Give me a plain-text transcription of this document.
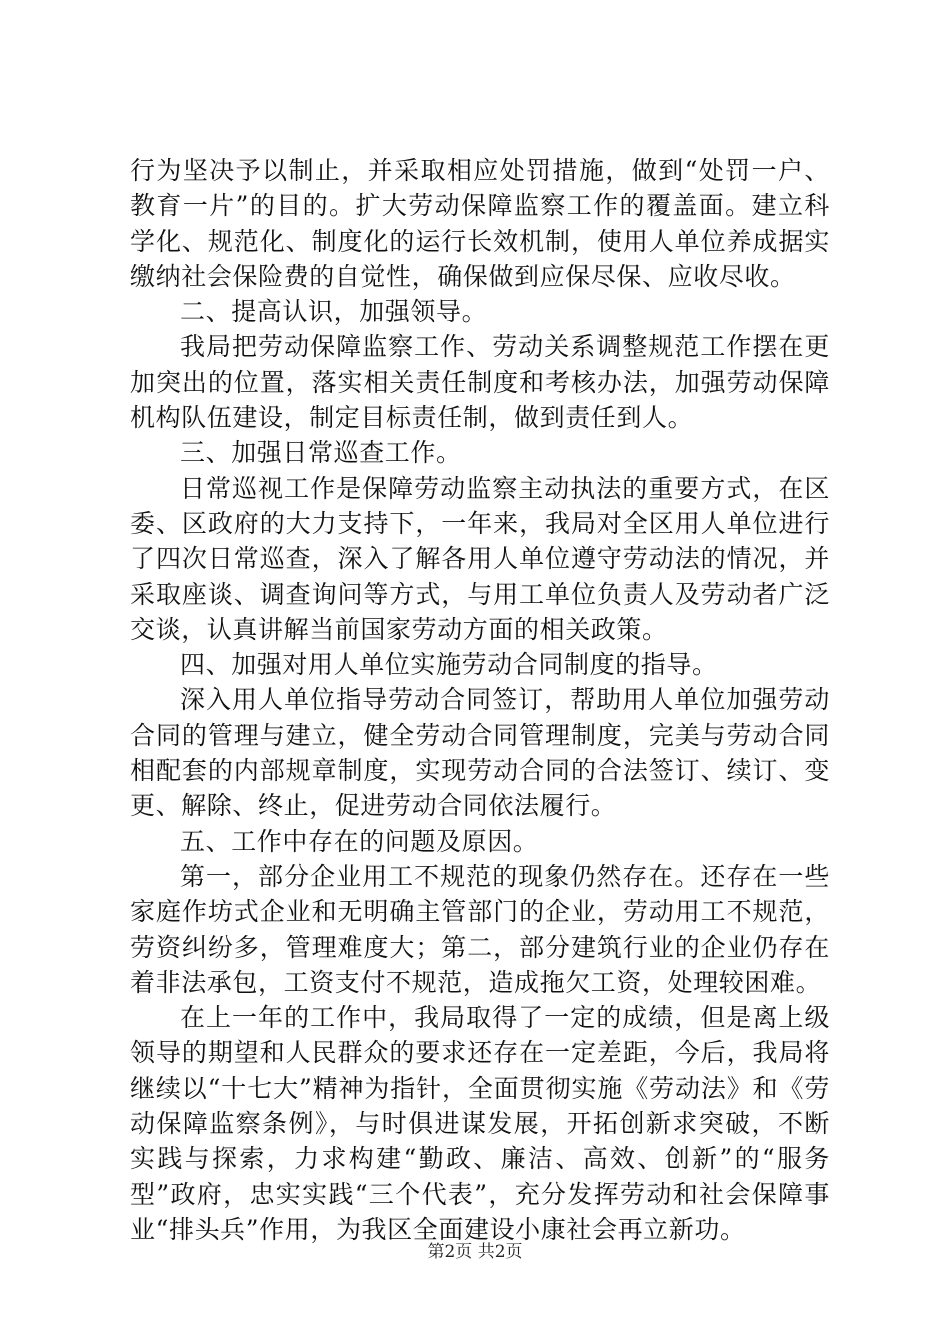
行为坚决予以制止，并采取相应处罚措施，做到“处罚一户、教育一片”的目的。扩大劳动保障监察工作的覆盖面。建立科学化、规范化、制度化的运行长效机制，使用人单位养成据实缴纳社会保险费的自觉性，确保做到应保尽保、应收尽收。

二、提高认识，加强领导。

我局把劳动保障监察工作、劳动关系调整规范工作摆在更加突出的位置，落实相关责任制度和考核办法，加强劳动保障机构队伍建设，制定目标责任制，做到责任到人。

三、加强日常巡查工作。

日常巡视工作是保障劳动监察主动执法的重要方式，在区委、区政府的大力支持下，一年来，我局对全区用人单位进行了四次日常巡查，深入了解各用人单位遵守劳动法的情况，并采取座谈、调查询问等方式，与用工单位负责人及劳动者广泛交谈，认真讲解当前国家劳动方面的相关政策。

四、加强对用人单位实施劳动合同制度的指导。

深入用人单位指导劳动合同签订，帮助用人单位加强劳动合同的管理与建立，健全劳动合同管理制度，完美与劳动合同相配套的内部规章制度，实现劳动合同的合法签订、续订、变更、解除、终止，促进劳动合同依法履行。

五、工作中存在的问题及原因。

第一，部分企业用工不规范的现象仍然存在。还存在一些家庭作坊式企业和无明确主管部门的企业，劳动用工不规范，劳资纠纷多，管理难度大；第二，部分建筑行业的企业仍存在着非法承包，工资支付不规范，造成拖欠工资，处理较困难。

在上一年的工作中，我局取得了一定的成绩，但是离上级领导的期望和人民群众的要求还存在一定差距，今后，我局将继续以“十七大”精神为指针，全面贯彻实施《劳动法》和《劳动保障监察条例》，与时俱进谋发展，开拓创新求突破，不断实践与探索，力求构建“勤政、廉洁、高效、创新”的“服务型”政府，忠实实践“三个代表”，充分发挥劳动和社会保障事业“排头兵”作用，为我区全面建设小康社会再立新功。

第2页 共2页
